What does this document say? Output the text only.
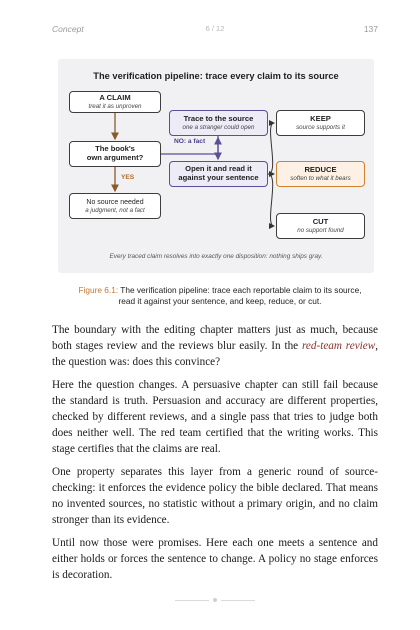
Concept	6 / 12	137
The verification pipeline: trace every claim to its source
A CLAIM
treat it as unproven
The book's
own argument?
No source needed
a judgment, not a fact
Trace to the source
one a stranger could open
Open it and read it
against your sentence
KEEP
source supports it
REDUCE
soften to what it bears
CUT
no support found
NO: a fact
YES
Every traced claim resolves into exactly one disposition: nothing ships gray.
Figure 6.1: The verification pipeline: trace each reportable claim to its source,
read it against your sentence, and keep, reduce, or cut.

The boundary with the editing chapter matters just as much, because both stages review and the reviews blur easily. In the red-team review, the question was: does this convince?

Here the question changes. A persuasive chapter can still fail because the standard is truth. Persuasion and accuracy are different properties, checked by different reviews, and a single pass that tries to judge both does neither well. The red team certified that the writing works. This stage certifies that the claims are real.

One property separates this layer from a generic round of source-checking: it enforces the evidence policy the bible declared. That means no invented sources, no statistic without a primary origin, and no claim stronger than its evidence.

Until now those were promises. Here each one meets a sentence and either holds or forces the sentence to change. A policy no stage enforces is decoration.
